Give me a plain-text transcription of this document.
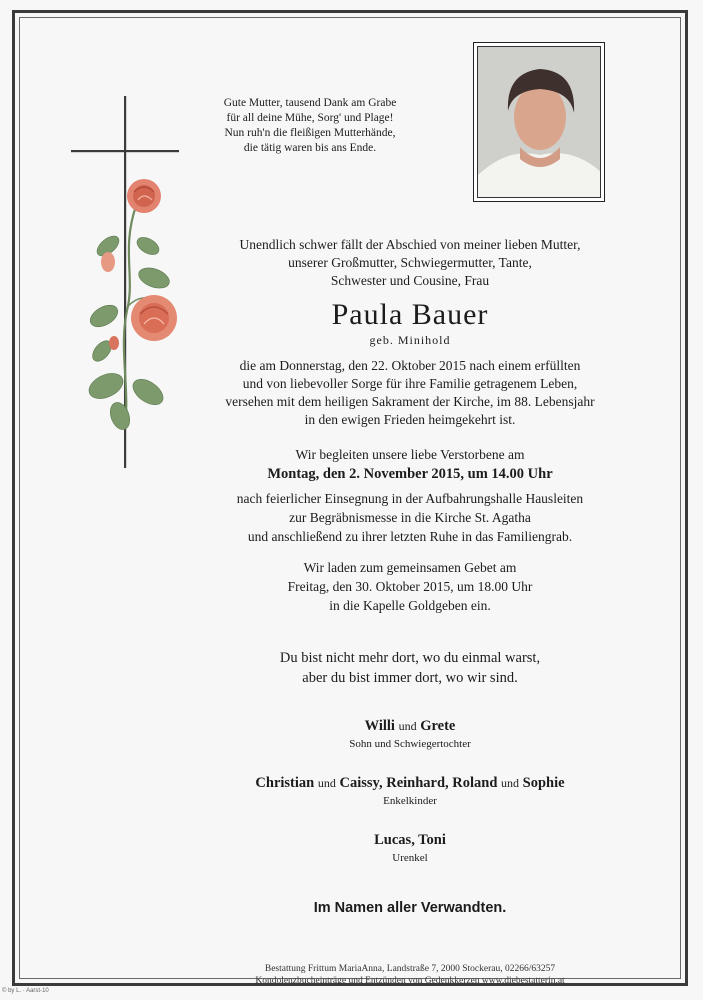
Gute Mutter, tausend Dank am Grabe
für all deine Mühe, Sorg' und Plage!
Nun ruh'n die fleißigen Mutterhände,
die tätig waren bis ans Ende.
Unendlich schwer fällt der Abschied von meiner lieben Mutter,
unserer Großmutter, Schwiegermutter, Tante,
Schwester und Cousine, Frau
Paula Bauer
geb. Minihold
die am Donnerstag, den 22. Oktober 2015 nach einem erfüllten
und von liebevoller Sorge für ihre Familie getragenem Leben,
versehen mit dem heiligen Sakrament der Kirche, im 88. Lebensjahr
in den ewigen Frieden heimgekehrt ist.
Wir begleiten unsere liebe Verstorbene am
Montag, den 2. November 2015, um 14.00 Uhr
nach feierlicher Einsegnung in der Aufbahrungshalle Hausleiten
zur Begräbnismesse in die Kirche St. Agatha
und anschließend zu ihrer letzten Ruhe in das Familiengrab.
Wir laden zum gemeinsamen Gebet am
Freitag, den 30. Oktober 2015, um 18.00 Uhr
in die Kapelle Goldgeben ein.
Du bist nicht mehr dort, wo du einmal warst,
aber du bist immer dort, wo wir sind.
Willi und Grete
Sohn und Schwiegertochter
Christian und Caissy, Reinhard, Roland und Sophie
Enkelkinder
Lucas, Toni
Urenkel
Im Namen aller Verwandten.
Bestattung Frittum MariaAnna, Landstraße 7, 2000 Stockerau, 02266/63257
Kondolenzbucheinträge und Entzünden von Gedenkkerzen www.diebestatterin.at
© by L. · Aarst-10
